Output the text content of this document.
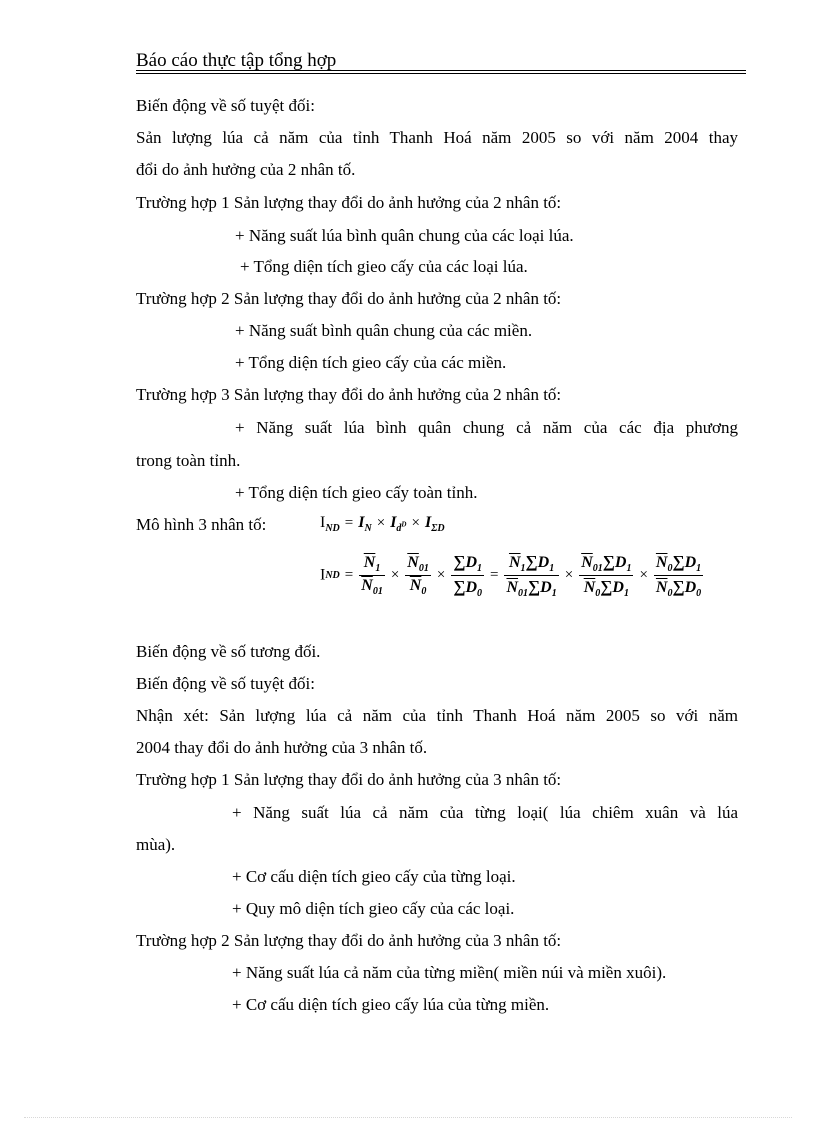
Báo cáo thực tập tổng hợp
Biến động về số tuyệt đối:
Sản lượng lúa cả năm của tỉnh Thanh Hoá năm 2005 so với năm 2004 thay
đổi do ảnh hưởng của 2 nhân tố.
Trường hợp 1 Sản lượng thay đổi do ảnh hưởng của 2 nhân tố:
+ Năng suất lúa bình quân chung của các loại lúa.
+ Tổng diện tích gieo cấy của các loại lúa.
Trường hợp 2 Sản lượng thay đổi do ảnh hưởng của 2 nhân tố:
+ Năng suất bình quân chung của các miền.
+ Tổng diện tích gieo cấy của các miền.
Trường hợp 3 Sản lượng thay đổi do ảnh hưởng của 2 nhân tố:
+ Năng suất lúa bình quân chung cả năm của các địa phương
trong toàn tỉnh.
+ Tổng diện tích gieo cấy toàn tỉnh.
Mô hình 3 nhân tố:	$I_{ND} = I_N \times I_{d^D} \times I_{\Sigma D}$
IND = $\frac{\overline{N}_1}{\overline{N}_{01}} \times \frac{\overline{N}_{01}}{\overline{N}_0} \times \frac{\sum D_1}{\sum D_0} = \frac{\overline{N}_1\sum D_1}{\overline{N}_{01}\sum D_1} \times \frac{\overline{N}_{01}\sum D_1}{\overline{N}_0\sum D_1} \times \frac{\overline{N}_0\sum D_1}{\overline{N}_0\sum D_0}$
Biến động về số tương đối.
Biến động về số tuyệt đối:
Nhận xét: Sản lượng lúa cả năm của tỉnh Thanh Hoá năm 2005 so với năm
2004 thay đổi do ảnh hưởng của 3 nhân tố.
Trường hợp 1 Sản lượng thay đổi do ảnh hưởng của 3 nhân tố:
+ Năng suất lúa cả năm của từng loại( lúa chiêm xuân và lúa
mùa).
+ Cơ cấu diện tích gieo cấy của từng loại.
+ Quy mô diện tích gieo cấy của các loại.
Trường hợp 2 Sản lượng thay đổi do ảnh hưởng của 3 nhân tố:
+ Năng suất lúa cả năm của từng miền( miền núi và miền xuôi).
+ Cơ cấu diện tích gieo cấy lúa của từng miền.
